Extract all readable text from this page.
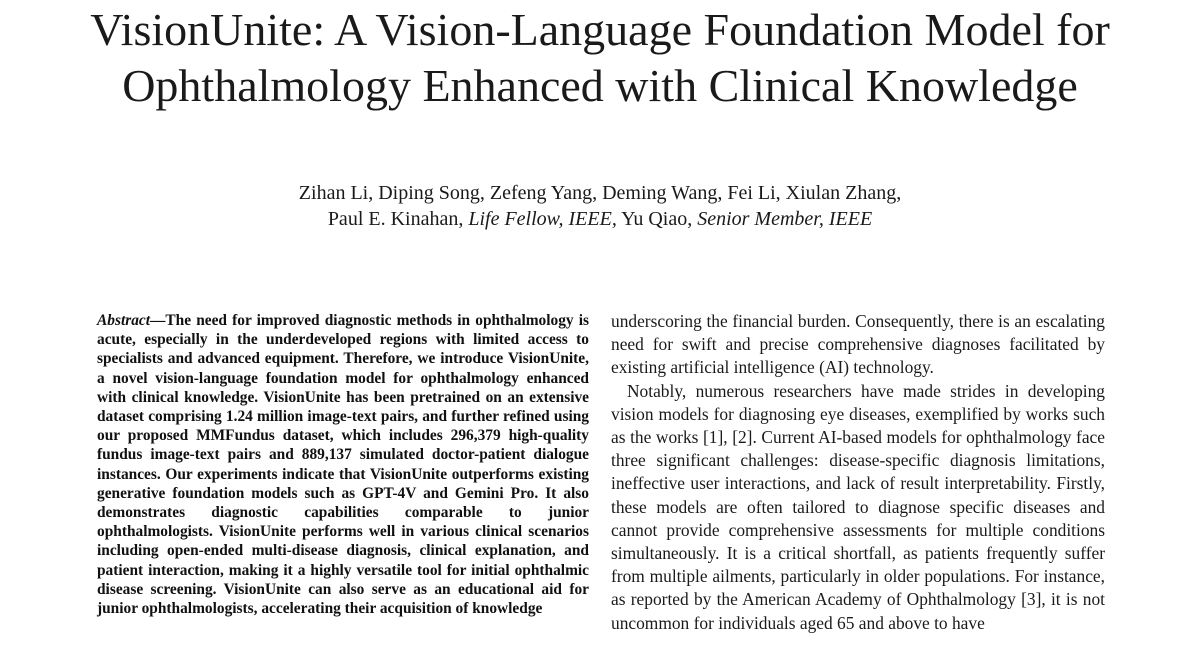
VisionUnite: A Vision-Language Foundation Model for Ophthalmology Enhanced with Clinical Knowledge
Zihan Li, Diping Song, Zefeng Yang, Deming Wang, Fei Li, Xiulan Zhang,
Paul E. Kinahan, Life Fellow, IEEE, Yu Qiao, Senior Member, IEEE
Abstract—The need for improved diagnostic methods in ophthalmology is acute, especially in the underdeveloped regions with limited access to specialists and advanced equipment. Therefore, we introduce VisionUnite, a novel vision-language foundation model for ophthalmology enhanced with clinical knowledge. VisionUnite has been pretrained on an extensive dataset comprising 1.24 million image-text pairs, and further refined using our proposed MMFundus dataset, which includes 296,379 high-quality fundus image-text pairs and 889,137 simulated doctor-patient dialogue instances. Our experiments indicate that VisionUnite outperforms existing generative foundation models such as GPT-4V and Gemini Pro. It also demonstrates diagnostic capabilities comparable to junior ophthalmologists. VisionUnite performs well in various clinical scenarios including open-ended multi-disease diagnosis, clinical explanation, and patient interaction, making it a highly versatile tool for initial ophthalmic disease screening. VisionUnite can also serve as an educational aid for junior ophthalmologists, accelerating their acquisition of knowledge

underscoring the financial burden. Consequently, there is an escalating need for swift and precise comprehensive diagnoses facilitated by existing artificial intelligence (AI) technology.

Notably, numerous researchers have made strides in developing vision models for diagnosing eye diseases, exemplified by works such as the works [1], [2]. Current AI-based models for ophthalmology face three significant challenges: disease-specific diagnosis limitations, ineffective user interactions, and lack of result interpretability. Firstly, these models are often tailored to diagnose specific diseases and cannot provide comprehensive assessments for multiple conditions simultaneously. It is a critical shortfall, as patients frequently suffer from multiple ailments, particularly in older populations. For instance, as reported by the American Academy of Ophthalmology [3], it is not uncommon for individuals aged 65 and above to have
